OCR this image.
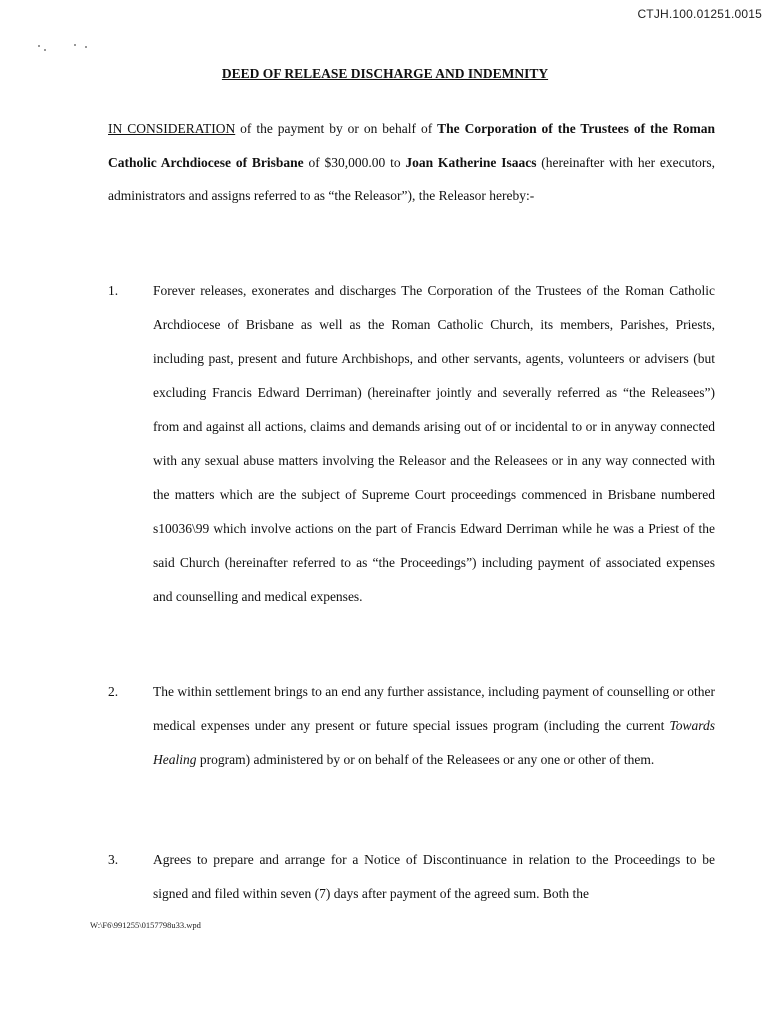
CTJH.100.01251.0015
DEED OF RELEASE DISCHARGE AND INDEMNITY
IN CONSIDERATION of the payment by or on behalf of The Corporation of the Trustees of the Roman Catholic Archdiocese of Brisbane of $30,000.00 to Joan Katherine Isaacs (hereinafter with her executors, administrators and assigns referred to as “the Releasor”), the Releasor hereby:-
1.	Forever releases, exonerates and discharges The Corporation of the Trustees of the Roman Catholic Archdiocese of Brisbane as well as the Roman Catholic Church, its members, Parishes, Priests, including past, present and future Archbishops, and other servants, agents, volunteers or advisers (but excluding Francis Edward Derriman) (hereinafter jointly and severally referred as “the Releasees”) from and against all actions, claims and demands arising out of or incidental to or in anyway connected with any sexual abuse matters involving the Releasor and the Releasees or in any way connected with the matters which are the subject of Supreme Court proceedings commenced in Brisbane numbered s10036\99 which involve actions on the part of Francis Edward Derriman while he was a Priest of the said Church (hereinafter referred to as “the Proceedings”) including payment of associated expenses and counselling and medical expenses.
2.	The within settlement brings to an end any further assistance, including payment of counselling or other medical expenses under any present or future special issues program (including the current Towards Healing program) administered by or on behalf of the Releasees or any one or other of them.
3.	Agrees to prepare and arrange for a Notice of Discontinuance in relation to the Proceedings to be signed and filed within seven (7) days after payment of the agreed sum. Both the
W:\F6\991255\0157798u33.wpd
